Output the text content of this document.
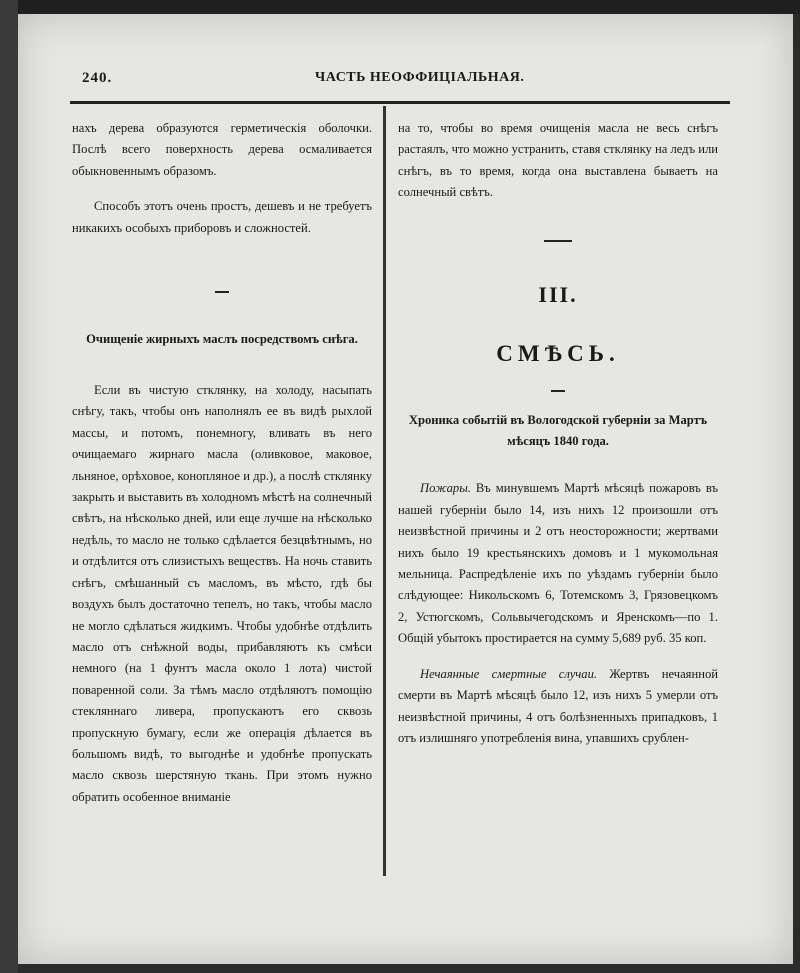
240.	ЧАСТЬ НЕОФФИЦІАЛЬНАЯ.

нахъ дерева образуются герметическія оболочки. Послѣ всего поверхность дерева осмаливается обыкновеннымъ образомъ.

Способъ этотъ очень простъ, дешевъ и не требуетъ никакихъ особыхъ приборовъ и сложностей.

Очищеніе жирныхъ маслъ посредствомъ снѣга.

Если въ чистую стклянку, на холоду, насыпать снѣгу, такъ, чтобы онъ наполнялъ ее въ видѣ рыхлой массы, и потомъ, понемногу, вливать въ него очищаемаго жирнаго масла (оливковое, маковое, льняное, орѣховое, конопляное и др.), а послѣ стклянку закрыть и выставить въ холодномъ мѣстѣ на солнечный свѣтъ, на нѣсколько дней, или еще лучше на нѣсколько недѣль, то масло не только сдѣлается безцвѣтнымъ, но и отдѣлится отъ слизистыхъ веществъ. На ночь ставить снѣгъ, смѣшанный съ масломъ, въ мѣсто, гдѣ бы воздухъ былъ достаточно тепелъ, но такъ, чтобы масло не могло сдѣлаться жидкимъ. Чтобы удобнѣе отдѣлить масло отъ снѣжной воды, прибавляютъ къ смѣси немного (на 1 фунтъ масла около 1 лота) чистой поваренной соли. За тѣмъ масло отдѣляютъ помощію стекляннаго ливера, пропускаютъ его сквозь пропускную бумагу, если же операція дѣлается въ большомъ видѣ, то выгоднѣе и удобнѣе пропускать масло сквозь шерстяную ткань. При этомъ нужно обратить особенное вниманіе

на то, чтобы во время очищенія масла не весь снѣгъ растаялъ, что можно устранить, ставя стклянку на ледъ или снѣгъ, въ то время, когда она выставлена бываетъ на солнечный свѣтъ.

III.

СМѢСЬ.

Хроника событій въ Вологодской губерніи за Мартъ мѣсяцъ 1840 года.

Пожары. Въ минувшемъ Мартѣ мѣсяцѣ пожаровъ въ нашей губерніи было 14, изъ нихъ 12 произошли отъ неизвѣстной причины и 2 отъ неосторожности; жертвами нихъ было 19 крестьянскихъ домовъ и 1 мукомольная мельница. Распредѣленіе ихъ по уѣздамъ губерніи было слѣдующее: Никольскомъ 6, Тотемскомъ 3, Грязовецкомъ 2, Устюгскомъ, Сольвычегодскомъ и Яренскомъ—по 1. Общій убытокъ простирается на сумму 5,689 руб. 35 коп.

Нечаянные смертные случаи. Жертвъ нечаянной смерти въ Мартѣ мѣсяцѣ было 12, изъ нихъ 5 умерли отъ неизвѣстной причины, 4 отъ болѣзненныхъ припадковъ, 1 отъ излишняго употребленія вина, упавшихъ срублен-
